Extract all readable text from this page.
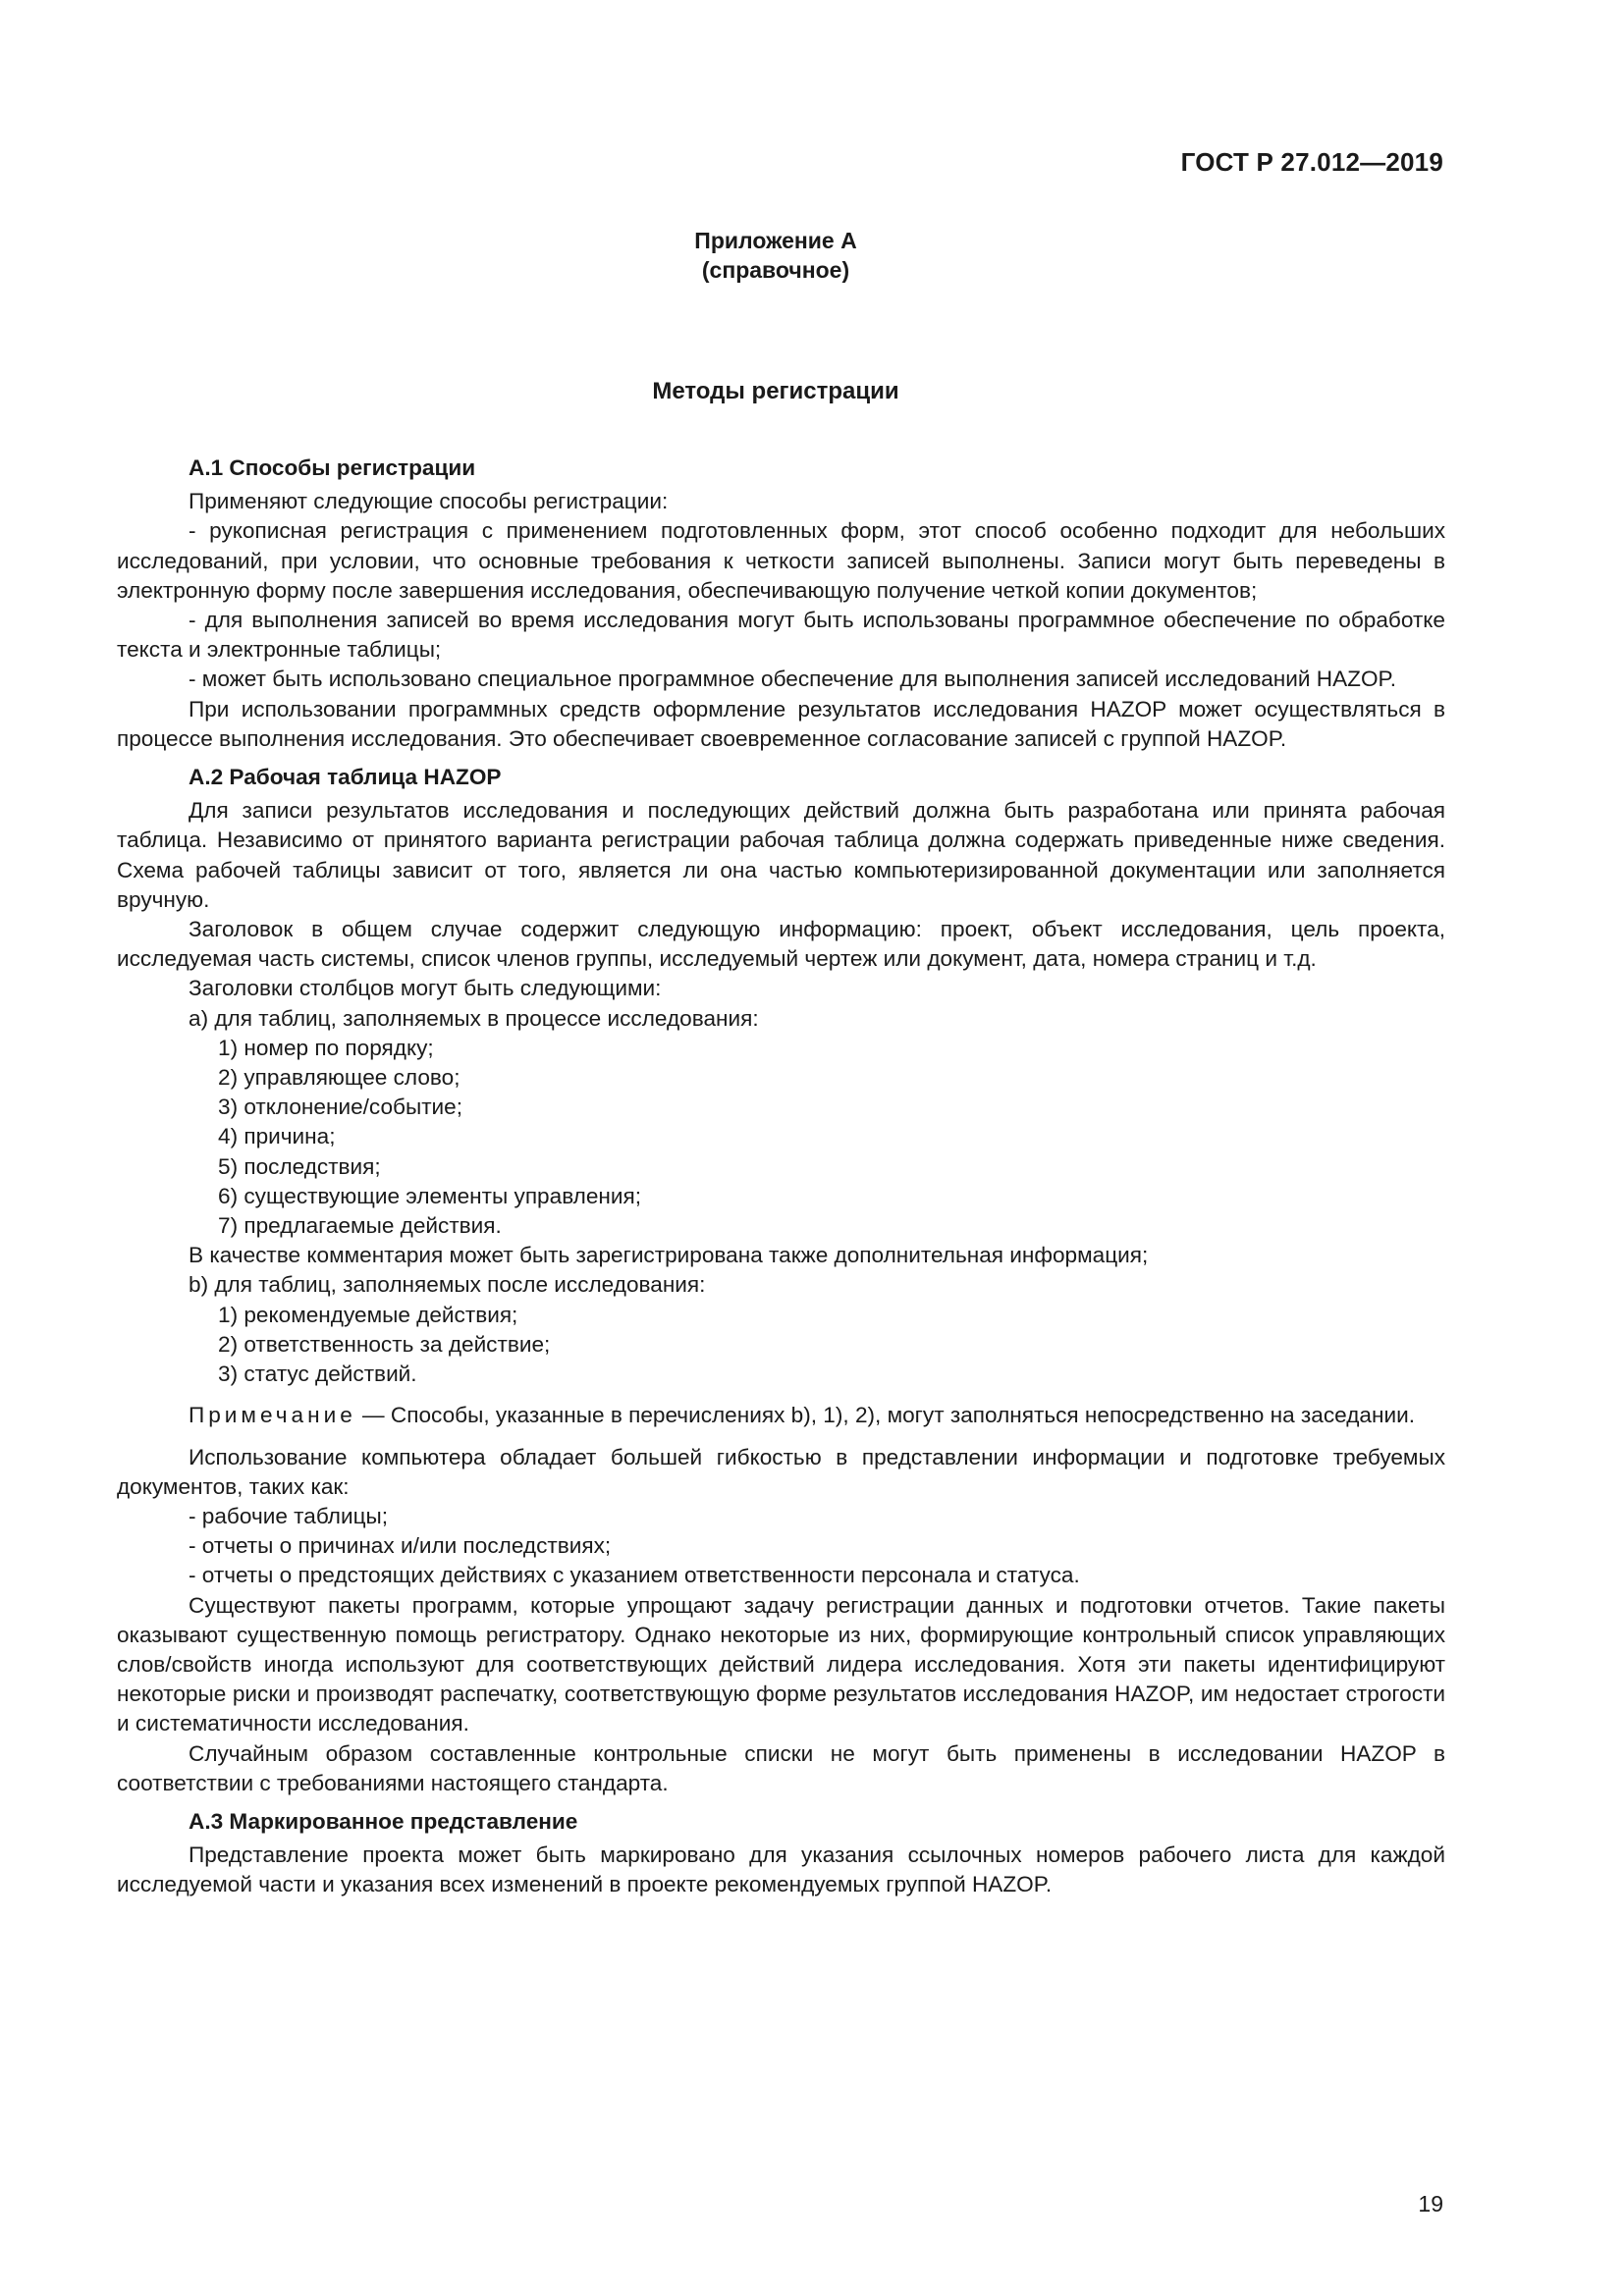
ГОСТ Р 27.012—2019
Приложение А
(справочное)
Методы регистрации

А.1 Способы регистрации

Применяют следующие способы регистрации:

- рукописная регистрация с применением подготовленных форм, этот способ особенно подходит для небольших исследований, при условии, что основные требования к четкости записей выполнены. Записи могут быть переведены в электронную форму после завершения исследования, обеспечивающую получение четкой копии документов;

- для выполнения записей во время исследования могут быть использованы программное обеспечение по обработке текста и электронные таблицы;

- может быть использовано специальное программное обеспечение для выполнения записей исследований HAZOP.

При использовании программных средств оформление результатов исследования HAZOP может осуществляться в процессе выполнения исследования. Это обеспечивает своевременное согласование записей с группой HAZOP.

А.2 Рабочая таблица HAZOP

Для записи результатов исследования и последующих действий должна быть разработана или принята рабочая таблица. Независимо от принятого варианта регистрации рабочая таблица должна содержать приведенные ниже сведения. Схема рабочей таблицы зависит от того, является ли она частью компьютеризированной документации или заполняется вручную.

Заголовок в общем случае содержит следующую информацию: проект, объект исследования, цель проекта, исследуемая часть системы, список членов группы, исследуемый чертеж или документ, дата, номера страниц и т.д.

Заголовки столбцов могут быть следующими:

а) для таблиц, заполняемых в процессе исследования:

1) номер по порядку;

2) управляющее слово;

3) отклонение/событие;

4) причина;

5) последствия;

6) существующие элементы управления;

7) предлагаемые действия.

В качестве комментария может быть зарегистрирована также дополнительная информация;

b) для таблиц, заполняемых после исследования:

1) рекомендуемые действия;

2) ответственность за действие;

3) статус действий.

Примечание — Способы, указанные в перечислениях b), 1), 2), могут заполняться непосредственно на заседании.

Использование компьютера обладает большей гибкостью в представлении информации и подготовке требуемых документов, таких как:

- рабочие таблицы;

- отчеты о причинах и/или последствиях;

- отчеты о предстоящих действиях с указанием ответственности персонала и статуса.

Существуют пакеты программ, которые упрощают задачу регистрации данных и подготовки отчетов. Такие пакеты оказывают существенную помощь регистратору. Однако некоторые из них, формирующие контрольный список управляющих слов/свойств иногда используют для соответствующих действий лидера исследования. Хотя эти пакеты идентифицируют некоторые риски и производят распечатку, соответствующую форме результатов исследования HAZOP, им недостает строгости и систематичности исследования.

Случайным образом составленные контрольные списки не могут быть применены в исследовании HAZOP в соответствии с требованиями настоящего стандарта.

А.3 Маркированное представление

Представление проекта может быть маркировано для указания ссылочных номеров рабочего листа для каждой исследуемой части и указания всех изменений в проекте рекомендуемых группой HAZOP.

19
